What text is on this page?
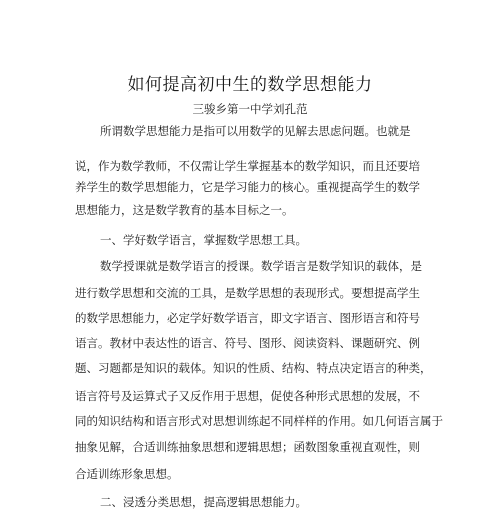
如何提高初中生的数学思想能力
三骏乡第一中学刘孔范
所谓数学思想能力是指可以用数学的见解去思虑问题。也就是
说，作为数学教师，不仅需让学生掌握基本的数学知识，而且还要培
养学生的数学思想能力，它是学习能力的核心。重视提高学生的数学
思想能力，这是数学教育的基本目标之一。
一、学好数学语言，掌握数学思想工具。
数学授课就是数学语言的授课。数学语言是数学知识的载体，是
进行数学思想和交流的工具，是数学思想的表现形式。要想提高学生
的数学思想能力，必定学好数学语言，即文字语言、图形语言和符号
语言。教材中表达性的语言、符号、图形、阅读资料、课题研究、例
题、习题都是知识的载体。知识的性质、结构、特点决定语言的种类，
语言符号及运算式子又反作用于思想，促使各种形式思想的发展，不
同的知识结构和语言形式对思想训练起不同样样的作用。如几何语言属于
抽象见解，合适训练抽象思想和逻辑思想；函数图象重视直观性，则
合适训练形象思想。
二、浸透分类思想，提高逻辑思想能力。
